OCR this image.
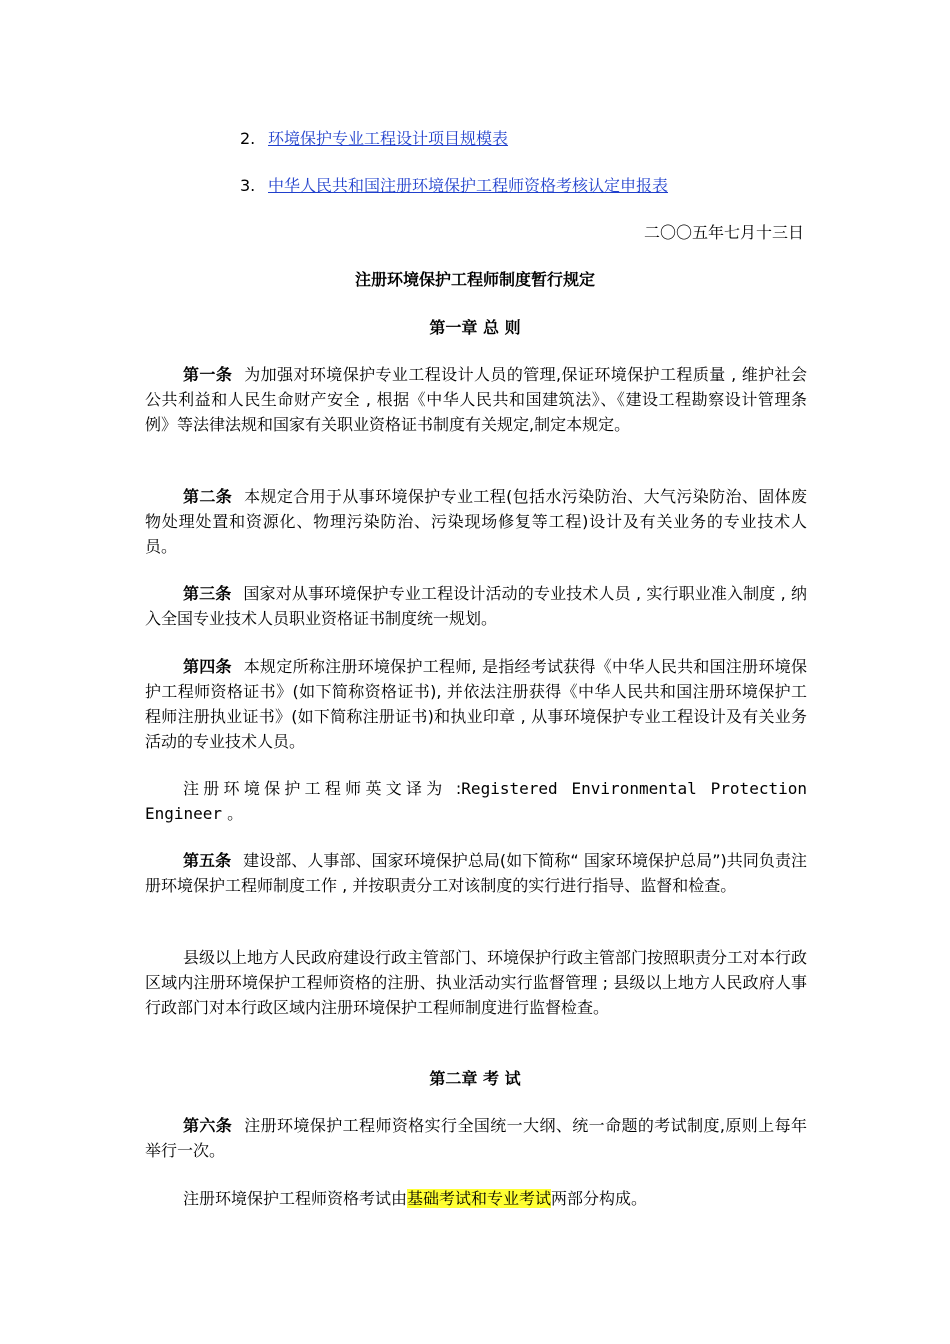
2. 环境保护专业工程设计项目规模表
3. 中华人民共和国注册环境保护工程师资格考核认定申报表
二〇〇五年七月十三日
注册环境保护工程师制度暂行规定
第一章 总 则

第一条 为加强对环境保护专业工程设计人员的管理,保证环境保护工程质量 , 维护社会公共利益和人民生命财产安全 , 根据《中华人民共和国建筑法》、《建设工程勘察设计管理条例》等法律法规和国家有关职业资格证书制度有关规定,制定本规定。

第二条 本规定合用于从事环境保护专业工程(包括水污染防治、大气污染防治、固体废物处理处置和资源化、物理污染防治、污染现场修复等工程)设计及有关业务的专业技术人员。

第三条 国家对从事环境保护专业工程设计活动的专业技术人员 , 实行职业准入制度 , 纳入全国专业技术人员职业资格证书制度统一规划。

第四条 本规定所称注册环境保护工程师, 是指经考试获得《中华人民共和国注册环境保护工程师资格证书》(如下简称资格证书), 并依法注册获得《中华人民共和国注册环境保护工程师注册执业证书》(如下简称注册证书)和执业印章 , 从事环境保护专业工程设计及有关业务活动的专业技术人员。

注册环境保护工程师英文译为 :Registered Environmental Protection Engineer 。

第五条 建设部、人事部、国家环境保护总局(如下简称“ 国家环境保护总局”)共同负责注册环境保护工程师制度工作 , 并按职责分工对该制度的实行进行指导、监督和检查。

县级以上地方人民政府建设行政主管部门、环境保护行政主管部门按照职责分工对本行政区域内注册环境保护工程师资格的注册、执业活动实行监督管理 ; 县级以上地方人民政府人事行政部门对本行政区域内注册环境保护工程师制度进行监督检查。

第二章 考 试

第六条 注册环境保护工程师资格实行全国统一大纲、统一命题的考试制度,原则上每年举行一次。

注册环境保护工程师资格考试由基础考试和专业考试两部分构成。
